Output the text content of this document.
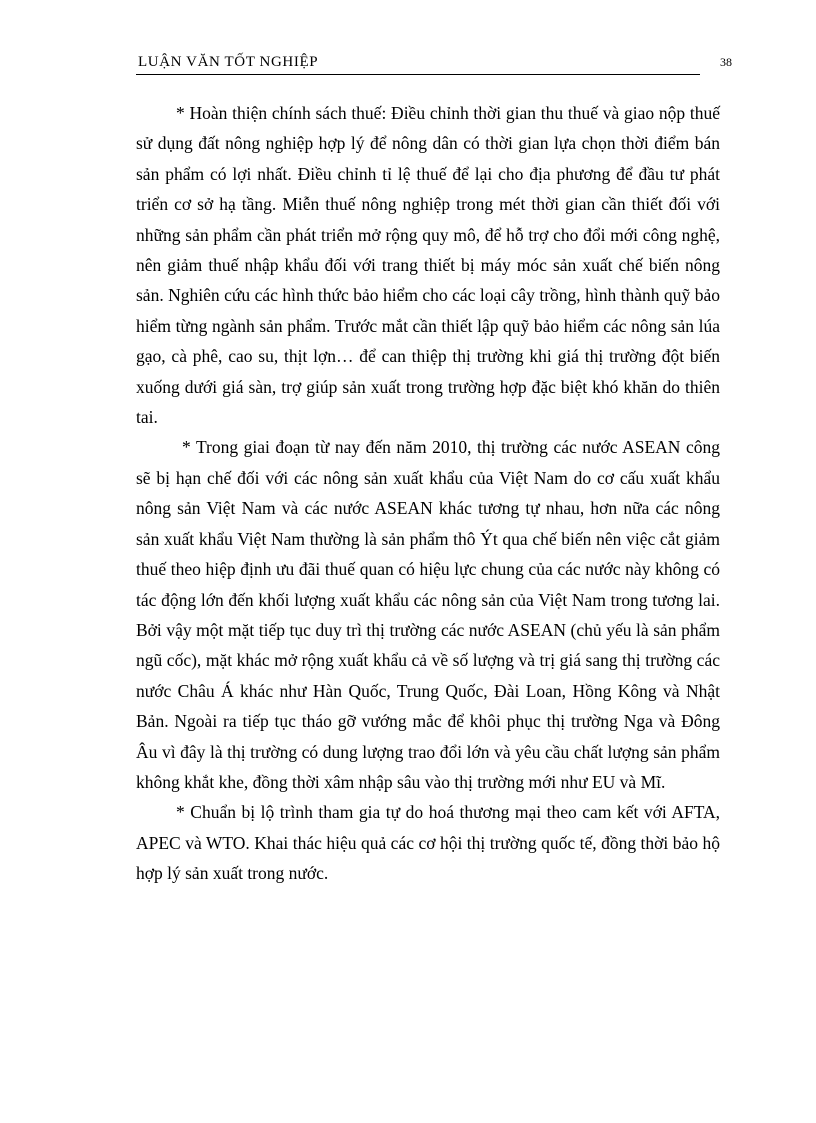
LUẬN VĂN TỐT NGHIỆP	38

* Hoàn thiện chính sách thuế: Điều chỉnh thời gian thu thuế và giao nộp thuế sử dụng đất nông nghiệp hợp lý để nông dân có thời gian lựa chọn thời điểm bán sản phẩm có lợi nhất. Điều chỉnh tỉ lệ thuế để lại cho địa phương để đầu tư phát triển cơ sở hạ tầng. Miễn thuế nông nghiệp trong mét thời gian cần thiết đối với những sản phẩm cần phát triển mở rộng quy mô, để hỗ trợ cho đổi mới công nghệ, nên giảm thuế nhập khẩu đối với trang thiết bị máy móc sản xuất chế biến nông sản. Nghiên cứu các hình thức bảo hiểm cho các loại cây trồng, hình thành quỹ bảo hiểm từng ngành sản phẩm. Trước mắt cần thiết lập quỹ bảo hiểm các nông sản lúa gạo, cà phê, cao su, thịt lợn… để can thiệp thị trường khi giá thị trường đột biến xuống dưới giá sàn, trợ giúp sản xuất trong trường hợp đặc biệt khó khăn do thiên tai.

* Trong giai đoạn từ nay đến năm 2010, thị trường các nước ASEAN công sẽ bị hạn chế đối với các nông sản xuất khẩu của Việt Nam do cơ cấu xuất khẩu nông sản Việt Nam và các nước ASEAN khác tương tự nhau, hơn nữa các nông sản xuất khẩu Việt Nam thường là sản phẩm thô Ýt qua chế biến nên việc cắt giảm thuế theo hiệp định ưu đãi thuế quan có hiệu lực chung của các nước này không có tác động lớn đến khối lượng xuất khẩu các nông sản của Việt Nam trong tương lai. Bởi vậy một mặt tiếp tục duy trì thị trường các nước ASEAN (chủ yếu là sản phẩm ngũ cốc), mặt khác mở rộng xuất khẩu cả về số lượng và trị giá sang thị trường các nước Châu Á khác như Hàn Quốc, Trung Quốc, Đài Loan, Hồng Kông và Nhật Bản. Ngoài ra tiếp tục tháo gỡ vướng mắc để khôi phục thị trường Nga và Đông Âu vì đây là thị trường có dung lượng trao đổi lớn và yêu cầu chất lượng sản phẩm không khắt khe, đồng thời xâm nhập sâu vào thị trường mới như EU và Mĩ.

* Chuẩn bị lộ trình tham gia tự do hoá thương mại theo cam kết với AFTA, APEC và WTO. Khai thác hiệu quả các cơ hội thị trường quốc tế, đồng thời bảo hộ hợp lý sản xuất trong nước.
